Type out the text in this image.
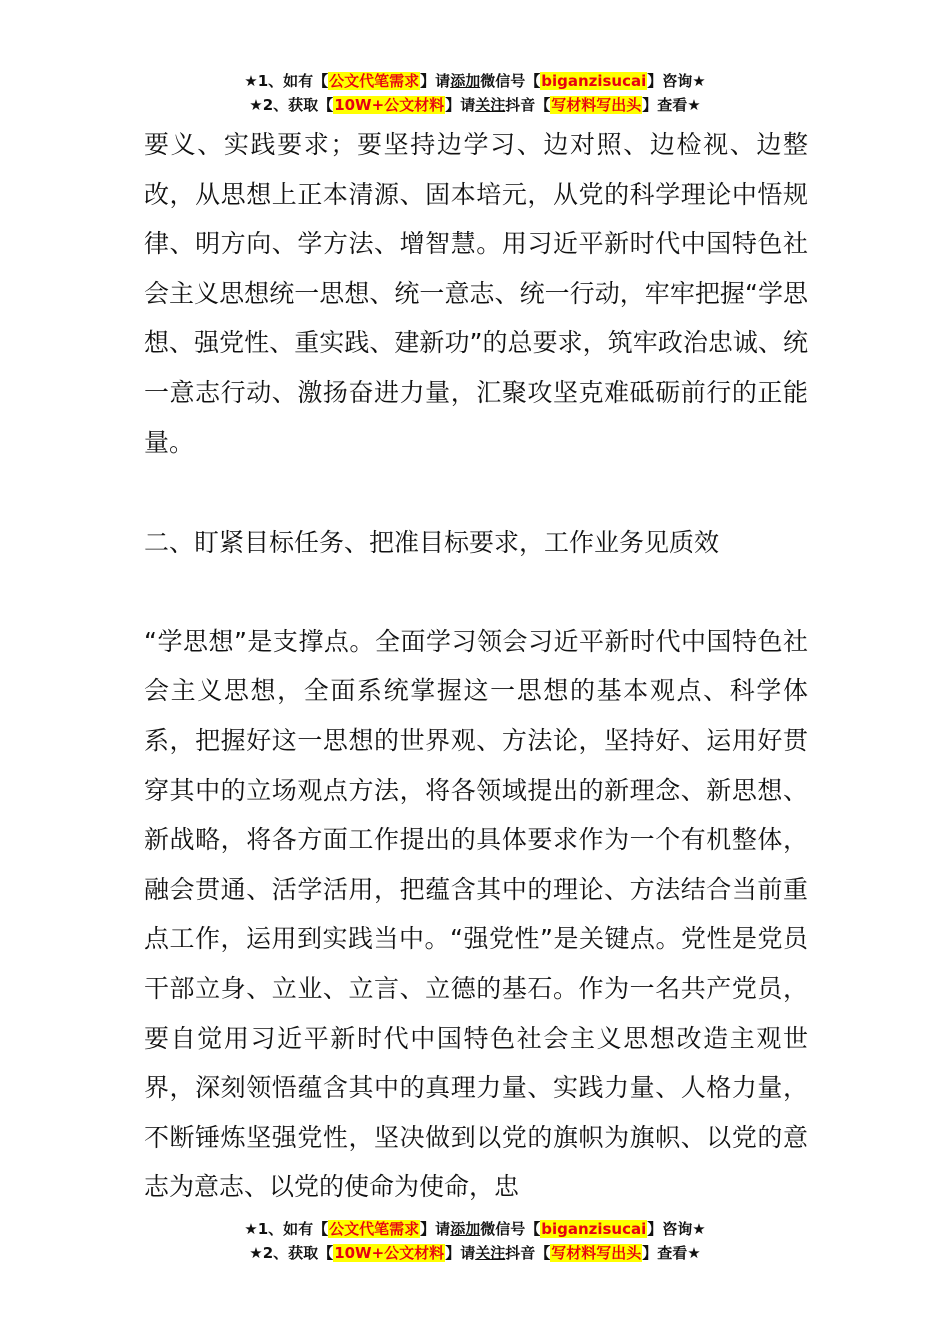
★1、如有【公文代笔需求】请添加微信号【biganzisucai】咨询★
★2、获取【10W+公文材料】请关注抖音【写材料写出头】查看★

要义、实践要求；要坚持边学习、边对照、边检视、边整改，从思想上正本清源、固本培元，从党的科学理论中悟规律、明方向、学方法、增智慧。用习近平新时代中国特色社会主义思想统一思想、统一意志、统一行动，牢牢把握“学思想、强党性、重实践、建新功”的总要求，筑牢政治忠诚、统一意志行动、激扬奋进力量，汇聚攻坚克难砥砺前行的正能量。

二、盯紧目标任务、把准目标要求，工作业务见质效

“学思想”是支撑点。全面学习领会习近平新时代中国特色社会主义思想，全面系统掌握这一思想的基本观点、科学体系，把握好这一思想的世界观、方法论，坚持好、运用好贯穿其中的立场观点方法，将各领域提出的新理念、新思想、新战略，将各方面工作提出的具体要求作为一个有机整体，融会贯通、活学活用，把蕴含其中的理论、方法结合当前重点工作，运用到实践当中。“强党性”是关键点。党性是党员干部立身、立业、立言、立德的基石。作为一名共产党员，要自觉用习近平新时代中国特色社会主义思想改造主观世界，深刻领悟蕴含其中的真理力量、实践力量、人格力量，不断锤炼坚强党性，坚决做到以党的旗帜为旗帜、以党的意志为意志、以党的使命为使命，忠

★1、如有【公文代笔需求】请添加微信号【biganzisucai】咨询★
★2、获取【10W+公文材料】请关注抖音【写材料写出头】查看★
